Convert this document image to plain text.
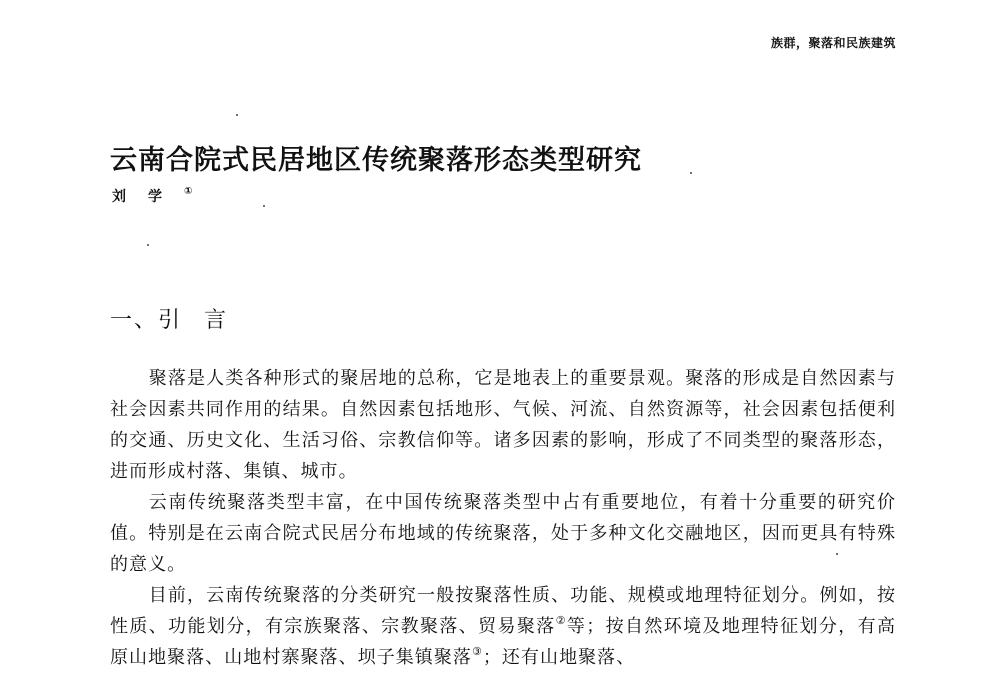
族群，聚落和民族建筑
云南合院式民居地区传统聚落形态类型研究
刘学①
一、引 言

聚落是人类各种形式的聚居地的总称，它是地表上的重要景观。聚落的形成是自然因素与社会因素共同作用的结果。自然因素包括地形、气候、河流、自然资源等，社会因素包括便利的交通、历史文化、生活习俗、宗教信仰等。诸多因素的影响，形成了不同类型的聚落形态，进而形成村落、集镇、城市。

云南传统聚落类型丰富，在中国传统聚落类型中占有重要地位，有着十分重要的研究价值。特别是在云南合院式民居分布地域的传统聚落，处于多种文化交融地区，因而更具有特殊的意义。

目前，云南传统聚落的分类研究一般按聚落性质、功能、规模或地理特征划分。例如，按性质、功能划分，有宗族聚落、宗教聚落、贸易聚落②等；按自然环境及地理特征划分，有高原山地聚落、山地村寨聚落、坝子集镇聚落③；还有山地聚落、
